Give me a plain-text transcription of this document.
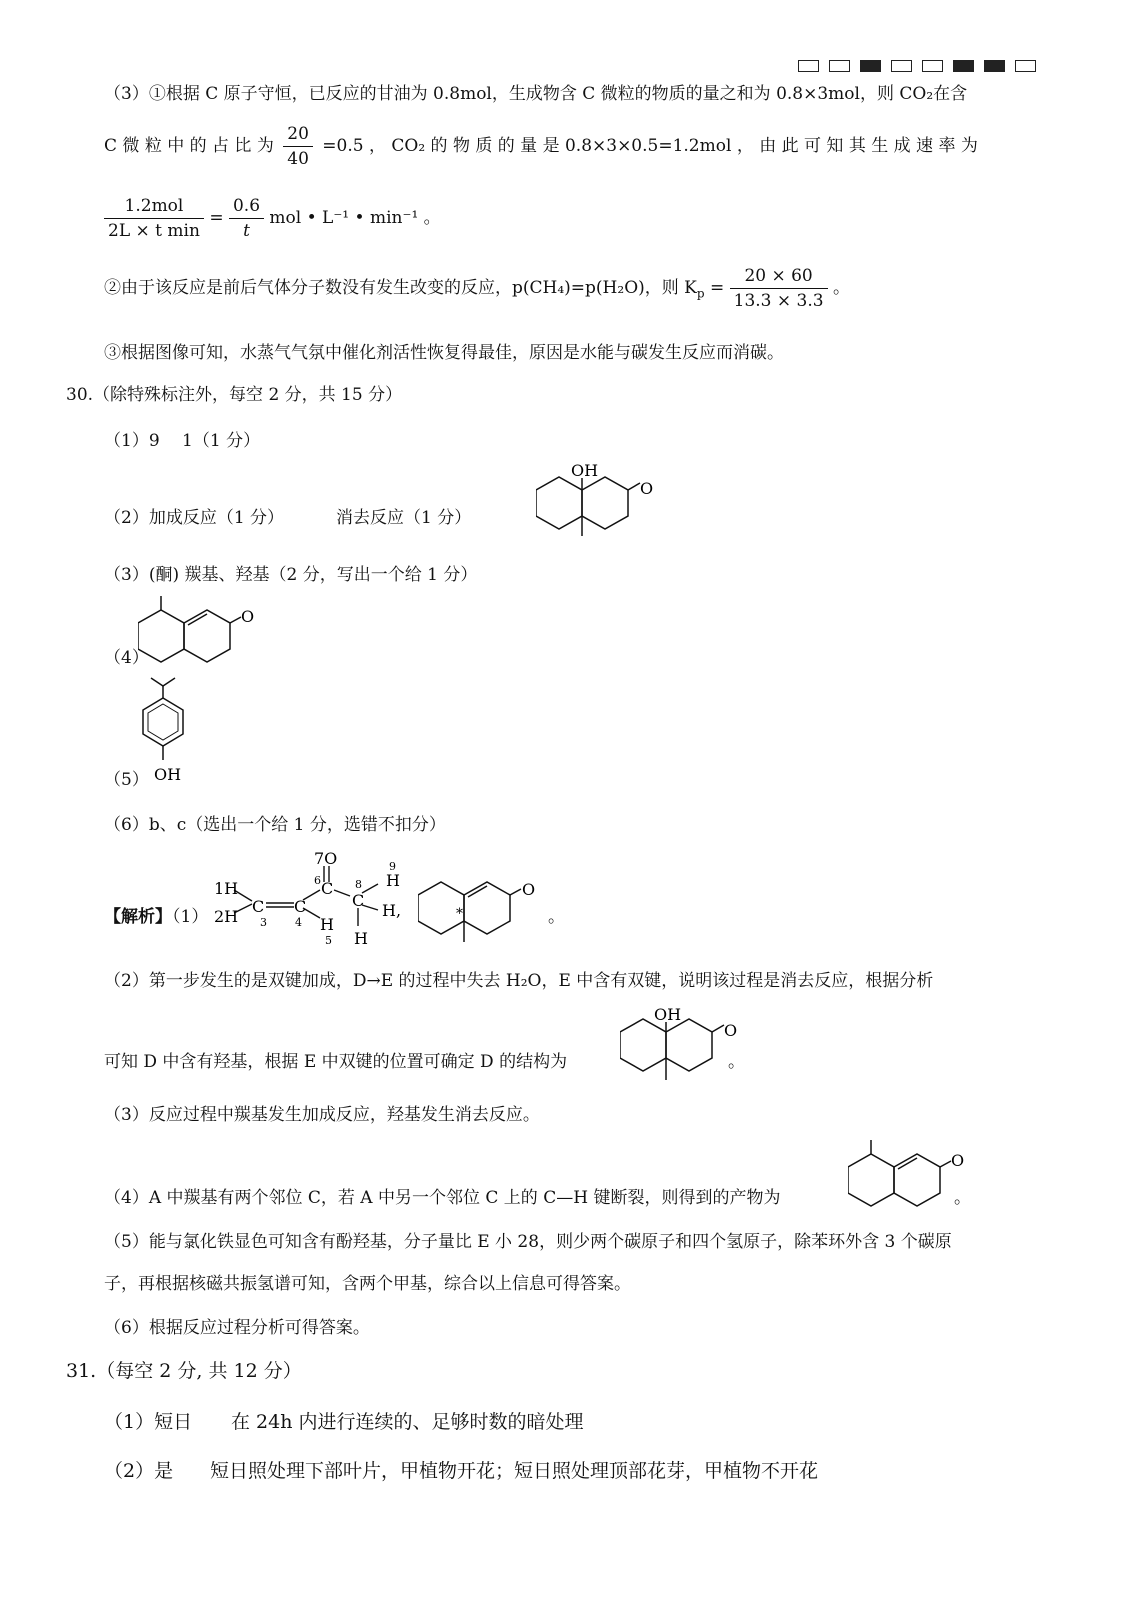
（3）①根据 C 原子守恒，已反应的甘油为 0.8mol，生成物含 C 微粒的物质的量之和为 0.8×3mol，则 CO₂在含
C 微 粒 中 的 占 比 为 $\frac{20}{40} =0.5$ ， CO₂ 的 物 质 的 量 是 0.8×3×0.5=1.2mol ， 由 此 可 知 其 生 成 速 率 为
$\frac{\text{1.2mol}}{\text{2L × t min}} = \frac{0.6}{t}$ mol • L⁻¹ • min⁻¹ 。
②由于该反应是前后气体分子数没有发生改变的反应，p(CH₄)=p(H₂O)，则 $K_p = \frac{20 \times 60}{13.3 \times 3.3}$ 。
③根据图像可知，水蒸气气氛中催化剂活性恢复得最佳，原因是水能与碳发生反应而消碳。
30.（除特殊标注外，每空 2 分，共 15 分）
（1）9　 1（1 分）
（2）加成反应（1 分）	消去反应（1 分）
OH
O
（3）(酮) 羰基、羟基（2 分，写出一个给 1 分）
（4）
O
OH
（5）
（6）b、c（选出一个给 1 分，选错不扣分）
【解析】（1）
1H
2H
C
3
C
4 H
5
C
6
7O
C
8 H
9
H,
H
*
O
。
（2）第一步发生的是双键加成，D→E 的过程中失去 H₂O，E 中含有双键，说明该过程是消去反应，根据分析
可知 D 中含有羟基，根据 E 中双键的位置可确定 D 的结构为
OH
O
。
（3）反应过程中羰基发生加成反应，羟基发生消去反应。
（4）A 中羰基有两个邻位 C，若 A 中另一个邻位 C 上的 C—H 键断裂，则得到的产物为
O
。
（5）能与氯化铁显色可知含有酚羟基，分子量比 E 小 28，则少两个碳原子和四个氢原子，除苯环外含 3 个碳原
子，再根据核磁共振氢谱可知，含两个甲基，综合以上信息可得答案。
（6）根据反应过程分析可得答案。
31.（每空 2 分, 共 12 分）
（1）短日 在 24h 内进行连续的、足够时数的暗处理
（2）是 短日照处理下部叶片，甲植物开花；短日照处理顶部花芽，甲植物不开花
